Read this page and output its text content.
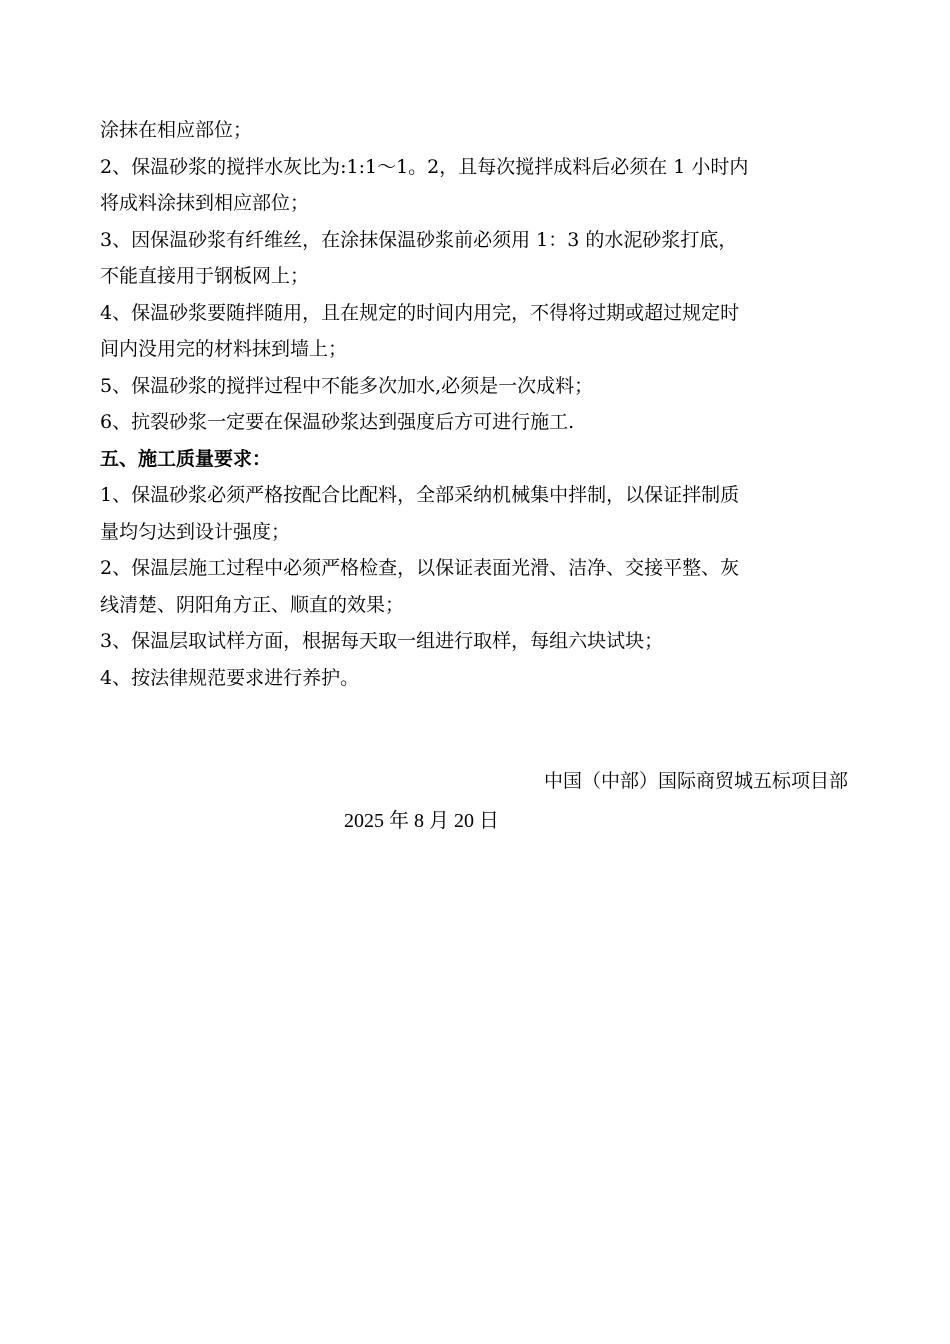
涂抹在相应部位；
2、保温砂浆的搅拌水灰比为:1:1～1。2，且每次搅拌成料后必须在 1 小时内
将成料涂抹到相应部位；
3、因保温砂浆有纤维丝，在涂抹保温砂浆前必须用 1：3 的水泥砂浆打底，
不能直接用于钢板网上；
4、保温砂浆要随拌随用，且在规定的时间内用完，不得将过期或超过规定时
间内没用完的材料抹到墙上；
5、保温砂浆的搅拌过程中不能多次加水,必须是一次成料；
6、抗裂砂浆一定要在保温砂浆达到强度后方可进行施工.
五、施工质量要求：
1、保温砂浆必须严格按配合比配料，全部采纳机械集中拌制，以保证拌制质
量均匀达到设计强度；
2、保温层施工过程中必须严格检查，以保证表面光滑、洁净、交接平整、灰
线清楚、阴阳角方正、顺直的效果；
3、保温层取试样方面，根据每天取一组进行取样，每组六块试块；
4、按法律规范要求进行养护。
中国（中部）国际商贸城五标项目部
2025 年 8 月 20 日
